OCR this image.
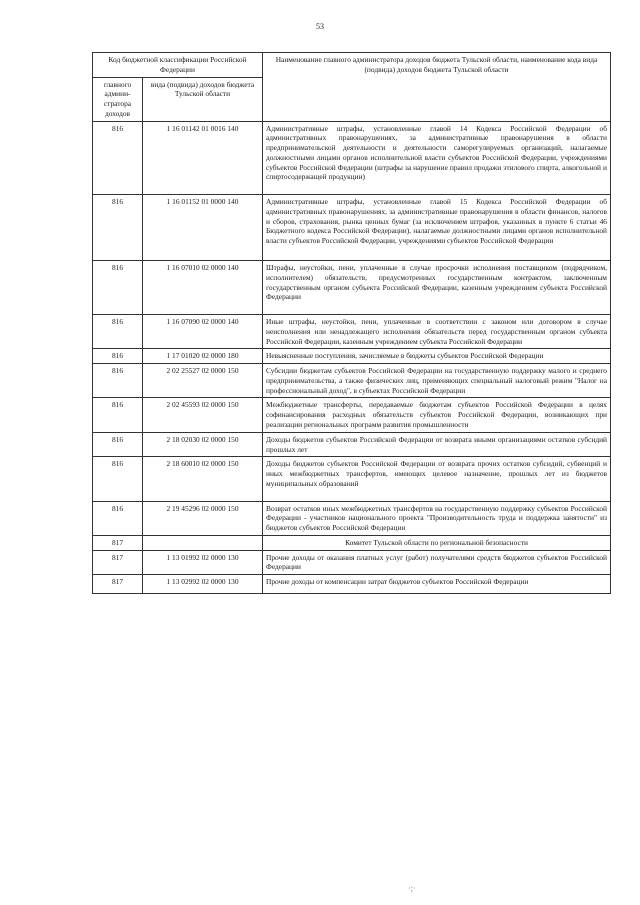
53
Код бюджетной классификации Российской Федерации		Наименование главного администратора доходов бюджета Тульской области, наименование кода вида (подвида) доходов бюджета Тульской области
главного админи-стратора доходов	вида (подвида) доходов бюджета Тульской области	
816	1 16 01142 01 0016 140	Административные штрафы, установленные главой 14 Кодекса Российской Федерации об административных правонарушениях, за административные правонарушения в области предпринимательской деятельности и деятельности саморегулируемых организаций, налагаемые должностными лицами органов исполнительной власти субъектов Российской Федерации, учреждениями субъектов Российской Федерации (штрафы за нарушение правил продажи этилового спирта, алкогольной и спиртосодержащей продукции)
816	1 16 01152 01 0000 140	Административные штрафы, установленные главой 15 Кодекса Российской Федерации об административных правонарушениях, за административные правонарушения в области финансов, налогов и сборов, страхования, рынка ценных бумаг (за исключением штрафов, указанных в пункте 6 статьи 46 Бюджетного кодекса Российской Федерации), налагаемые должностными лицами органов исполнительной власти субъектов Российской Федерации, учреждениями субъектов Российской Федерации
816	1 16 07010 02 0000 140	Штрафы, неустойки, пени, уплаченные в случае просрочки исполнения поставщиком (подрядчиком, исполнителем) обязательств, предусмотренных государственным контрактом, заключенным государственным органом субъекта Российской Федерации, казенным учреждением субъекта Российской Федерации
816	1 16 07090 02 0000 140	Иные штрафы, неустойки, пени, уплаченные в соответствии с законом или договором в случае неисполнения или ненадлежащего исполнения обязательств перед государственным органом субъекта Российской Федерации, казенным учреждением субъекта Российской Федерации
816	1 17 01020 02 0000 180	Невыясненные поступления, зачисляемые в бюджеты субъектов Российской Федерации
816	2 02 25527 02 0000 150	Субсидии бюджетам субъектов Российской Федерации на государственную поддержку малого и среднего предпринимательства, а также физических лиц, применяющих специальный налоговый режим "Налог на профессиональный доход", в субъектах Российской Федерации
816	2 02 45593 02 0000 150	Межбюджетные трансферты, передаваемые бюджетам субъектов Российской Федерации в целях софинансирования расходных обязательств субъектов Российской Федерации, возникающих при реализации региональных программ развития промышленности
816	2 18 02030 02 0000 150	Доходы бюджетов субъектов Российской Федерации от возврата иными организациями остатков субсидий прошлых лет
816	2 18 60010 02 0000 150	Доходы бюджетов субъектов Российской Федерации от возврата прочих остатков субсидий, субвенций и иных межбюджетных трансфертов, имеющих целевое назначение, прошлых лет из бюджетов муниципальных образований
816	2 19 45296 02 0000 150	Возврат остатков иных межбюджетных трансфертов на государственную поддержку субъектов Российской Федерации - участников национального проекта "Производительность труда и поддержка занятости" из бюджетов субъектов Российской Федерации
817		Комитет Тульской области по региональной безопасности
817	1 13 01992 02 0000 130	Прочие доходы от оказания платных услуг (работ) получателями средств бюджетов субъектов Российской Федерации
817	1 13 02992 02 0000 130	Прочие доходы от компенсации затрат бюджетов субъектов Российской Федерации
·;·
